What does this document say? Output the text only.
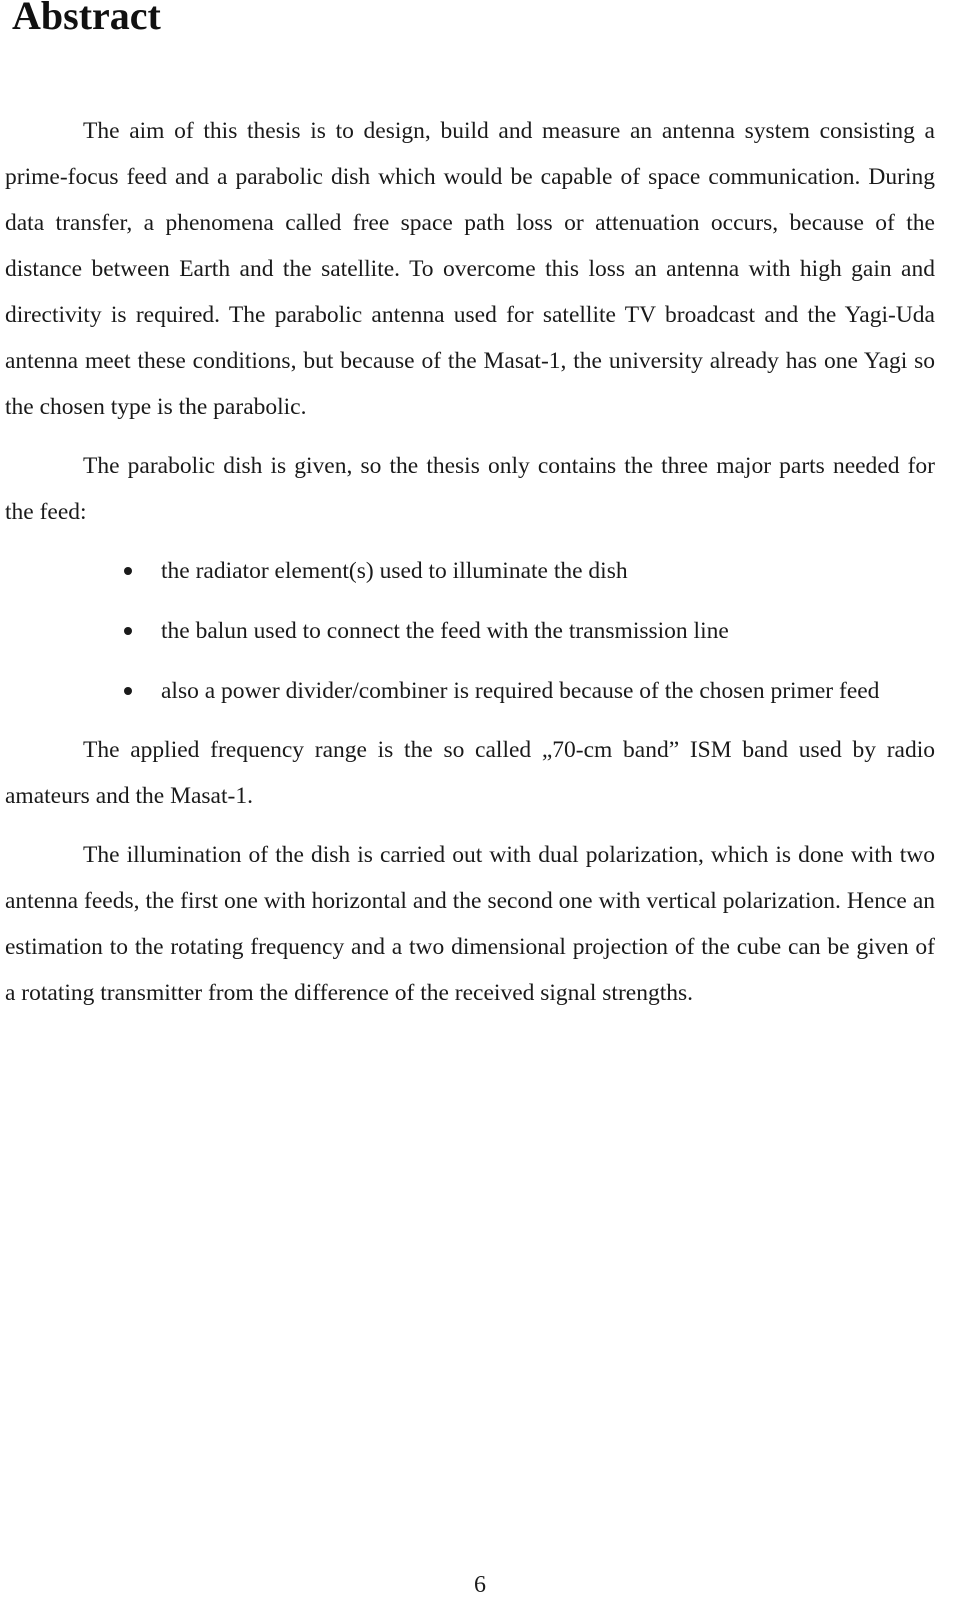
Abstract

The aim of this thesis is to design, build and measure an antenna system consisting a prime-focus feed and a parabolic dish which would be capable of space communication. During data transfer, a phenomena called free space path loss or attenuation occurs, because of the distance between Earth and the satellite. To overcome this loss an antenna with high gain and directivity is required. The parabolic antenna used for satellite TV broadcast and the Yagi-Uda antenna meet these conditions, but because of the Masat-1, the university already has one Yagi so the chosen type is the parabolic.

The parabolic dish is given, so the thesis only contains the three major parts needed for the feed:

the radiator element(s) used to illuminate the dish
the balun used to connect the feed with the transmission line
also a power divider/combiner is required because of the chosen primer feed

The applied frequency range is the so called „70-cm band” ISM band used by radio amateurs and the Masat-1.

The illumination of the dish is carried out with dual polarization, which is done with two antenna feeds, the first one with horizontal and the second one with vertical polarization. Hence an estimation to the rotating frequency and a two dimensional projection of the cube can be given of a rotating transmitter from the difference of the received signal strengths.

6
